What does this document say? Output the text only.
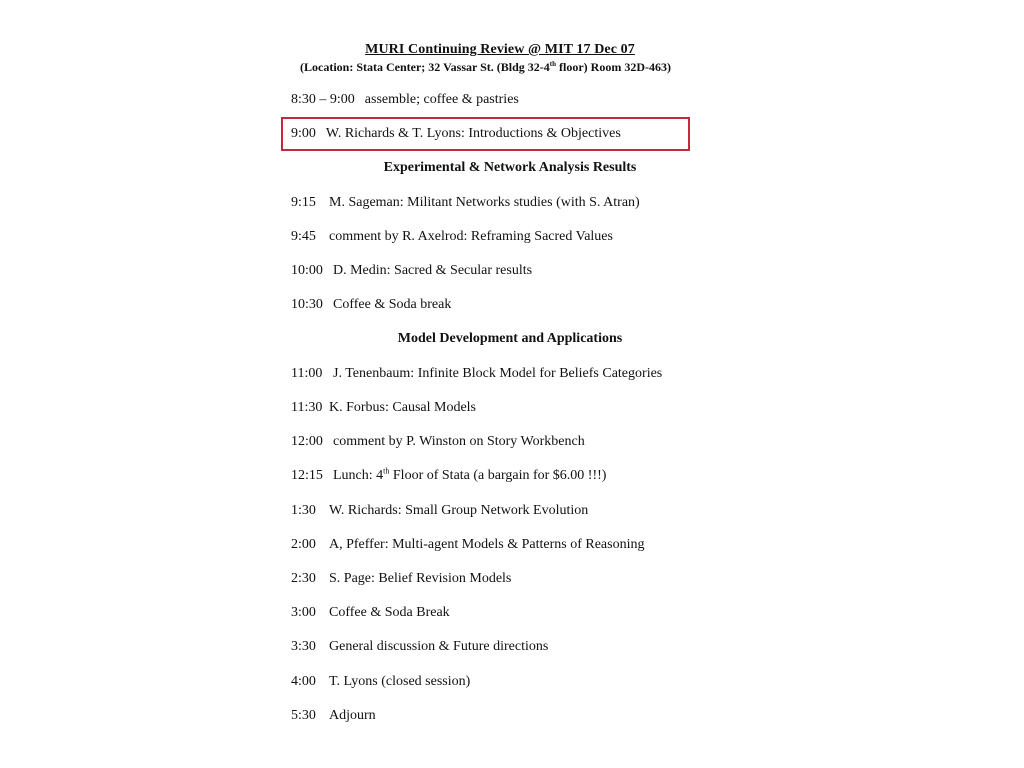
MURI Continuing Review @ MIT 17 Dec 07
(Location: Stata Center; 32 Vassar St. (Bldg 32-4th floor) Room 32D-463)
8:30 – 9:00 assemble; coffee & pastries
9:00 W. Richards & T. Lyons: Introductions & Objectives
Experimental & Network Analysis Results
9:15 M. Sageman: Militant Networks studies (with S. Atran)
9:45 comment by R. Axelrod: Reframing Sacred Values
10:00 D. Medin: Sacred & Secular results
10:30 Coffee & Soda break
Model Development and Applications
11:00 J. Tenenbaum: Infinite Block Model for Beliefs Categories
11:30 K. Forbus: Causal Models
12:00 comment by P. Winston on Story Workbench
12:15 Lunch: 4th Floor of Stata (a bargain for $6.00 !!!)
1:30 W. Richards: Small Group Network Evolution
2:00 A, Pfeffer: Multi-agent Models & Patterns of Reasoning
2:30 S. Page: Belief Revision Models
3:00 Coffee & Soda Break
3:30 General discussion & Future directions
4:00 T. Lyons (closed session)
5:30 Adjourn
